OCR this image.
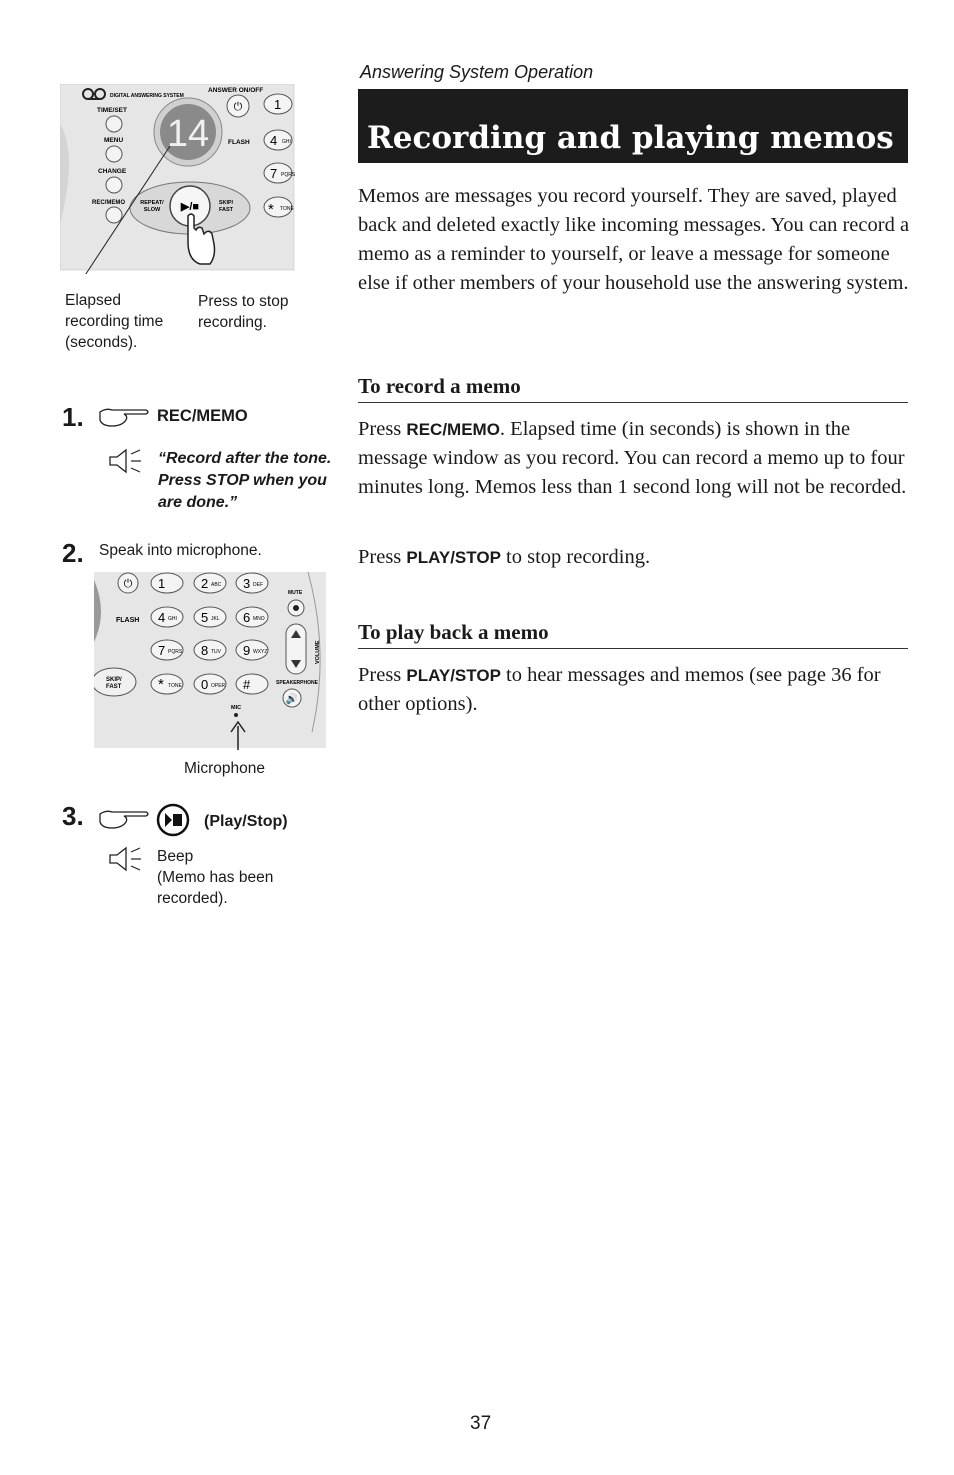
Answering System Operation
Recording and playing memos
Memos are messages you record yourself. They are saved, played back and deleted exactly like incoming messages. You can record a memo as a reminder to yourself, or leave a message for someone else if other members of your household use the answering system.
To record a memo
Press REC/MEMO. Elapsed time (in seconds) is shown in the message window as you record. You can record a memo up to four minutes long. Memos less than 1 second long will not be recorded.
Press PLAY/STOP to stop recording.
To play back a memo
Press PLAY/STOP to hear messages and memos (see page 36 for other options).
DIGITAL ANSWERING SYSTEM
ANSWER ON/OFF
⏻
14
TIME/SET
MENU
CHANGE
REC/MEMO
FLASH
▶/■
REPEAT/
SLOW
SKIP/
FAST
1
4 GHI
7 PQRS
* TONE
Elapsed
recording time
(seconds).
Press to stop
recording.
1.	REC/MEMO
“Record after the tone.
Press STOP when you
are done.”
2. Speak into microphone.
⏻
FLASH
SKIP/
FAST
1	2 ABC 3 DEF
4 GHI 5 JKL 6 MNO
7 PQRS 8 TUV 9 WXYZ
* TONE 0 OPER #
MUTE
VOLUME
SPEAKERPHONE
🔊
MIC
Microphone
3.	(Play/Stop)
Beep
(Memo has been
recorded).
37
